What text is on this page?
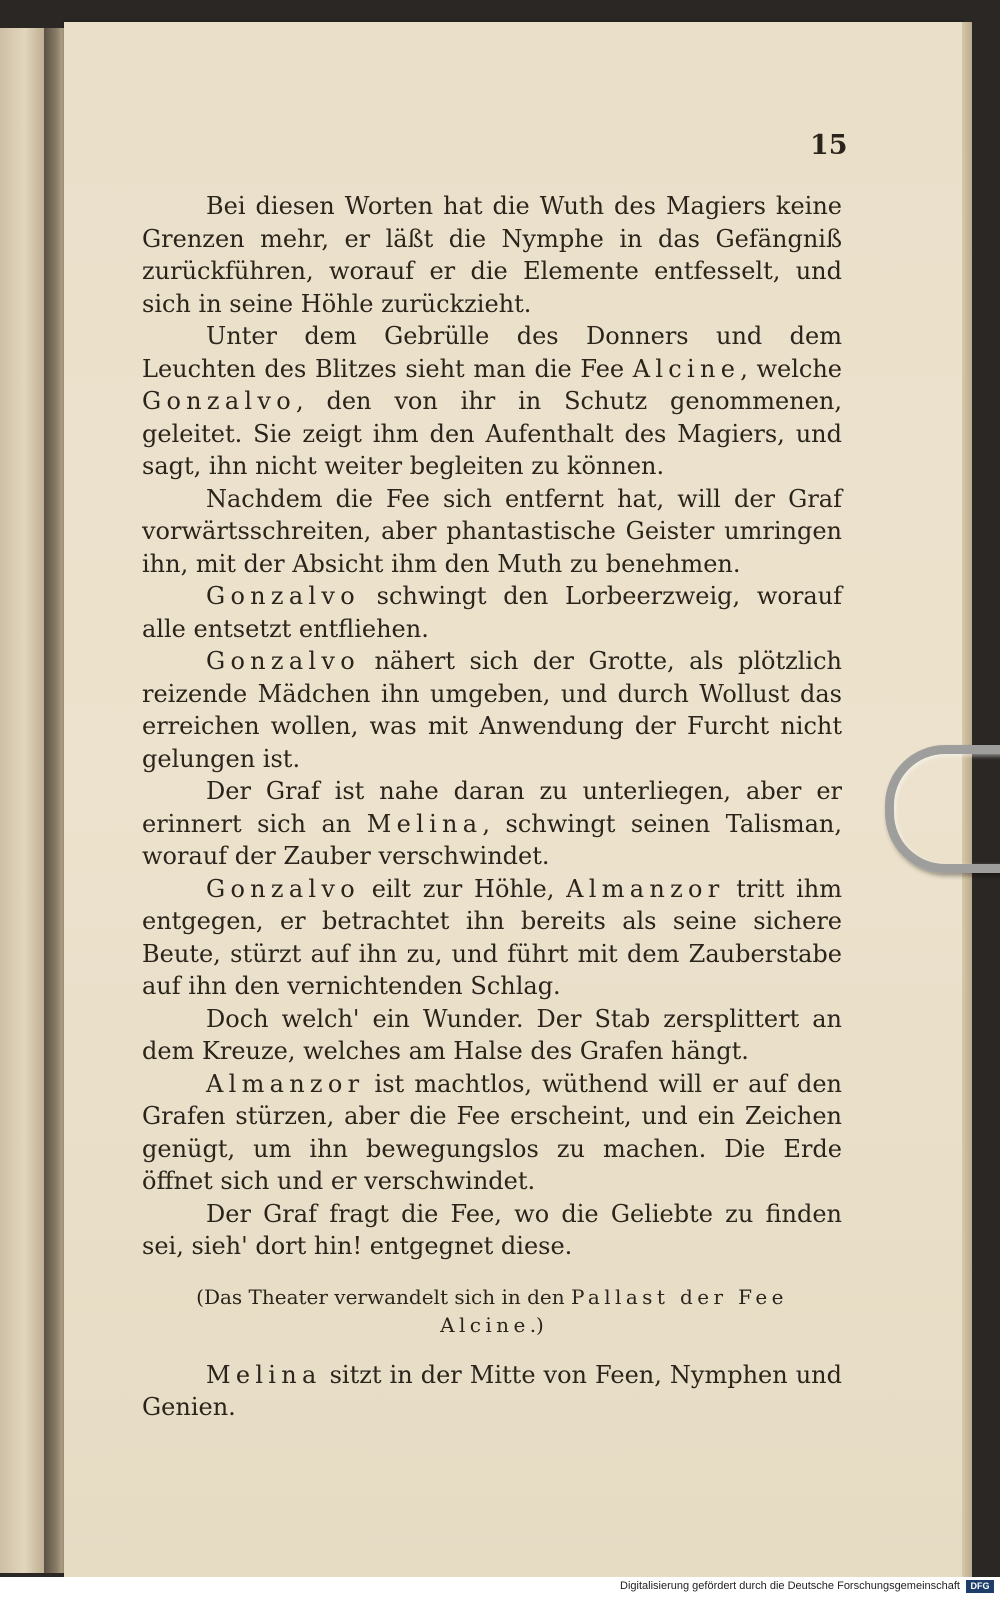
15

Bei diesen Worten hat die Wuth des Magiers keine Grenzen mehr, er läßt die Nymphe in das Gefängniß zurückführen, worauf er die Elemente entfesselt, und sich in seine Höhle zurückzieht.

Unter dem Gebrülle des Donners und dem Leuchten des Blitzes sieht man die Fee Alcine, welche Gonzalvo, den von ihr in Schutz genommenen, geleitet. Sie zeigt ihm den Aufenthalt des Magiers, und sagt, ihn nicht weiter begleiten zu können.

Nachdem die Fee sich entfernt hat, will der Graf vorwärtsschreiten, aber phantastische Geister umringen ihn, mit der Absicht ihm den Muth zu benehmen.

Gonzalvo schwingt den Lorbeerzweig, worauf alle entsetzt entfliehen.

Gonzalvo nähert sich der Grotte, als plötzlich reizende Mädchen ihn umgeben, und durch Wollust das erreichen wollen, was mit Anwendung der Furcht nicht gelungen ist.

Der Graf ist nahe daran zu unterliegen, aber er erinnert sich an Melina, schwingt seinen Talisman, worauf der Zauber verschwindet.

Gonzalvo eilt zur Höhle, Almanzor tritt ihm entgegen, er betrachtet ihn bereits als seine sichere Beute, stürzt auf ihn zu, und führt mit dem Zauberstabe auf ihn den vernichtenden Schlag.

Doch welch' ein Wunder. Der Stab zersplittert an dem Kreuze, welches am Halse des Grafen hängt.

Almanzor ist machtlos, wüthend will er auf den Grafen stürzen, aber die Fee erscheint, und ein Zeichen genügt, um ihn bewegungslos zu machen. Die Erde öffnet sich und er verschwindet.

Der Graf fragt die Fee, wo die Geliebte zu finden sei, sieh' dort hin! entgegnet diese.

(Das Theater verwandelt sich in den Pallast der Fee Alcine.)

Melina sitzt in der Mitte von Feen, Nymphen und Genien.

Digitalisierung gefördert durch die Deutsche Forschungsgemeinschaft	DFG
